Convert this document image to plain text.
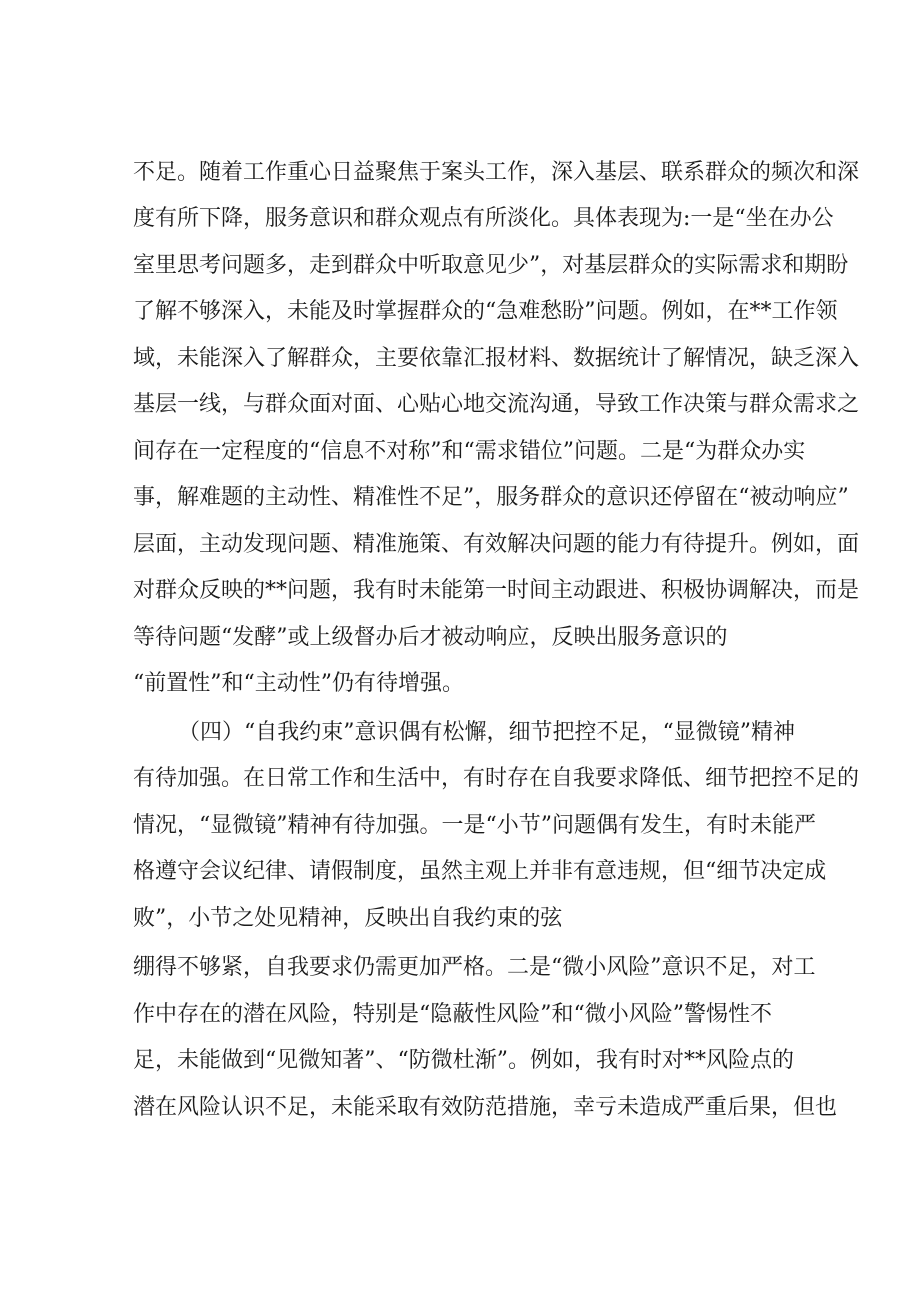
不足。随着工作重心日益聚焦于案头工作，深入基层、联系群众的频次和深
度有所下降，服务意识和群众观点有所淡化。具体表现为:一是“坐在办公
室里思考问题多，走到群众中听取意见少”，对基层群众的实际需求和期盼
了解不够深入，未能及时掌握群众的“急难愁盼”问题。例如，在**工作领
域，未能深入了解群众，主要依靠汇报材料、数据统计了解情况，缺乏深入
基层一线，与群众面对面、心贴心地交流沟通，导致工作决策与群众需求之
间存在一定程度的“信息不对称”和“需求错位”问题。二是“为群众办实
事，解难题的主动性、精准性不足”，服务群众的意识还停留在“被动响应”
层面，主动发现问题、精准施策、有效解决问题的能力有待提升。例如，面
对群众反映的**问题，我有时未能第一时间主动跟进、积极协调解决，而是
等待问题“发酵”或上级督办后才被动响应，反映出服务意识的
“前置性”和“主动性”仍有待增强。
（四）“自我约束”意识偶有松懈，细节把控不足，“显微镜”精神
有待加强。在日常工作和生活中，有时存在自我要求降低、细节把控不足的
情况，“显微镜”精神有待加强。一是“小节”问题偶有发生，有时未能严
格遵守会议纪律、请假制度，虽然主观上并非有意违规，但“细节决定成
败”，小节之处见精神，反映出自我约束的弦
绷得不够紧，自我要求仍需更加严格。二是“微小风险”意识不足，对工
作中存在的潜在风险，特别是“隐蔽性风险”和“微小风险”警惕性不
足，未能做到“见微知著”、“防微杜渐”。例如，我有时对**风险点的
潜在风险认识不足，未能采取有效防范措施，幸亏未造成严重后果，但也
